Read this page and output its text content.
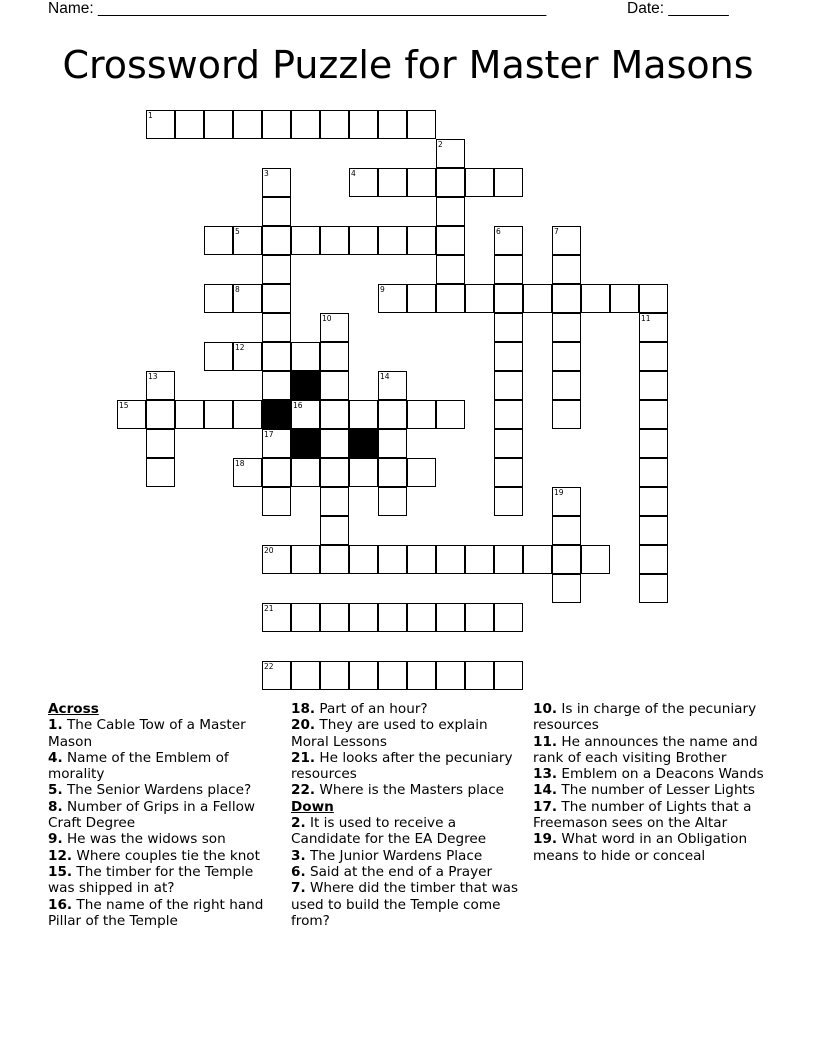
Name: ____________________________________________________	Date: _______
Crossword Puzzle for Master Masons
1
4
5
8	9
12
15	16
18
20
21
22
2
3
17
6	7
10	11
13	14
19
Across
1. The Cable Tow of a Master Mason
4. Name of the Emblem of morality
5. The Senior Wardens place?
8. Number of Grips in a Fellow Craft Degree
9. He was the widows son
12. Where couples tie the knot
15. The timber for the Temple was shipped in at?
16. The name of the right hand Pillar of the Temple
18. Part of an hour?
20. They are used to explain Moral Lessons
21. He looks after the pecuniary resources
22. Where is the Masters place
Down
2. It is used to receive a Candidate for the EA Degree
3. The Junior Wardens Place
6. Said at the end of a Prayer
7. Where did the timber that was used to build the Temple come from?
10. Is in charge of the pecuniary resources
11. He announces the name and rank of each visiting Brother
13. Emblem on a Deacons Wands
14. The number of Lesser Lights
17. The number of Lights that a Freemason sees on the Altar
19. What word in an Obligation means to hide or conceal
